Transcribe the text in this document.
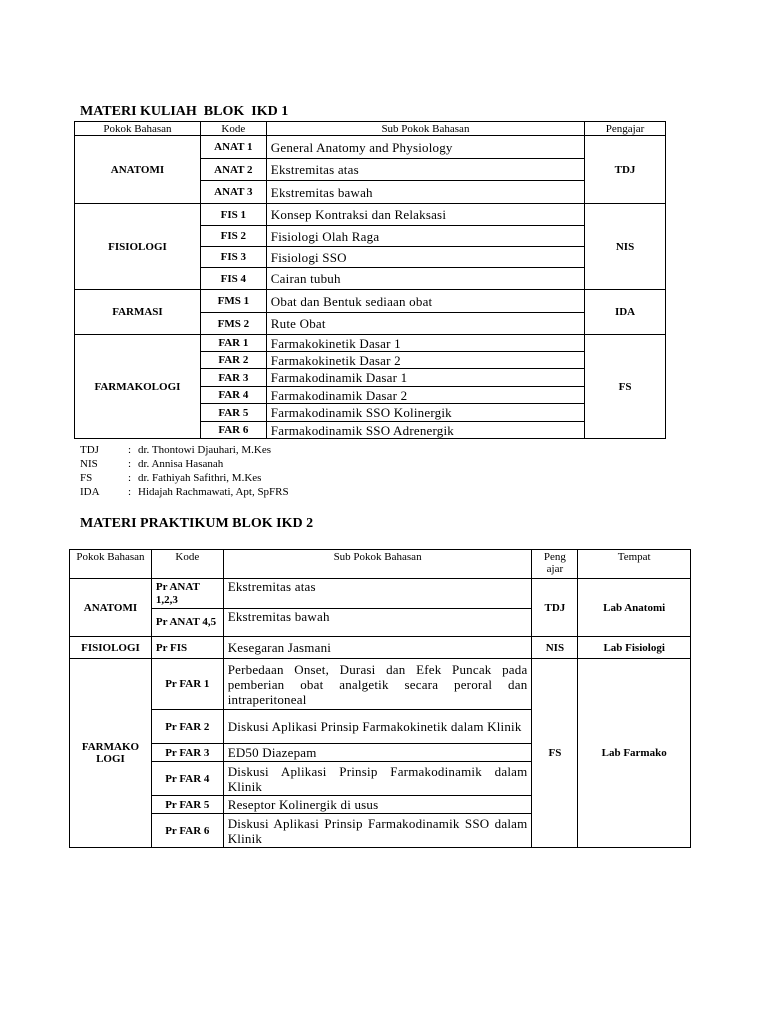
MATERI KULIAH  BLOK  IKD 1
Pokok Bahasan	Kode	Sub Pokok Bahasan	Pengajar
ANATOMI	ANAT 1	General Anatomy and Physiology	TDJ
	ANAT 2	Ekstremitas atas	
	ANAT 3	Ekstremitas bawah	
FISIOLOGI	FIS 1	Konsep Kontraksi dan Relaksasi	NIS
	FIS 2	Fisiologi Olah Raga	
	FIS 3	Fisiologi SSO	
	FIS 4	Cairan tubuh	
FARMASI	FMS 1	Obat dan Bentuk sediaan obat	IDA
	FMS 2	Rute Obat	
FARMAKOLOGI	FAR 1	Farmakokinetik Dasar 1	FS
	FAR 2	Farmakokinetik Dasar 2	
	FAR 3	Farmakodinamik Dasar 1	
	FAR 4	Farmakodinamik Dasar 2	
	FAR 5	Farmakodinamik SSO Kolinergik	
	FAR 6	Farmakodinamik SSO Adrenergik	
TDJ	: dr. Thontowi Djauhari, M.Kes
NIS	: dr. Annisa Hasanah
FS	: dr. Fathiyah Safithri, M.Kes
IDA	: Hidajah Rachmawati, Apt, SpFRS
MATERI PRAKTIKUM BLOK IKD 2
Pokok Bahasan	Kode	Sub Pokok Bahasan	Peng ajar	Tempat
ANATOMI	Pr ANAT 1,2,3	Ekstremitas atas	TDJ	Lab Anatomi
	Pr ANAT 4,5	Ekstremitas bawah		
FISIOLOGI	Pr FIS	Kesegaran Jasmani	NIS	Lab Fisiologi
FARMAKO LOGI	Pr FAR 1	Perbedaan Onset, Durasi dan Efek Puncak pada pemberian obat analgetik secara peroral dan intraperitoneal	FS	Lab Farmako
	Pr FAR 2	Diskusi Aplikasi Prinsip Farmakokinetik dalam Klinik		
	Pr FAR 3	ED50 Diazepam		
	Pr FAR 4	Diskusi Aplikasi Prinsip Farmakodinamik dalam Klinik		
	Pr FAR 5	Reseptor Kolinergik di usus		
	Pr FAR 6	Diskusi Aplikasi Prinsip Farmakodinamik SSO dalam Klinik		
